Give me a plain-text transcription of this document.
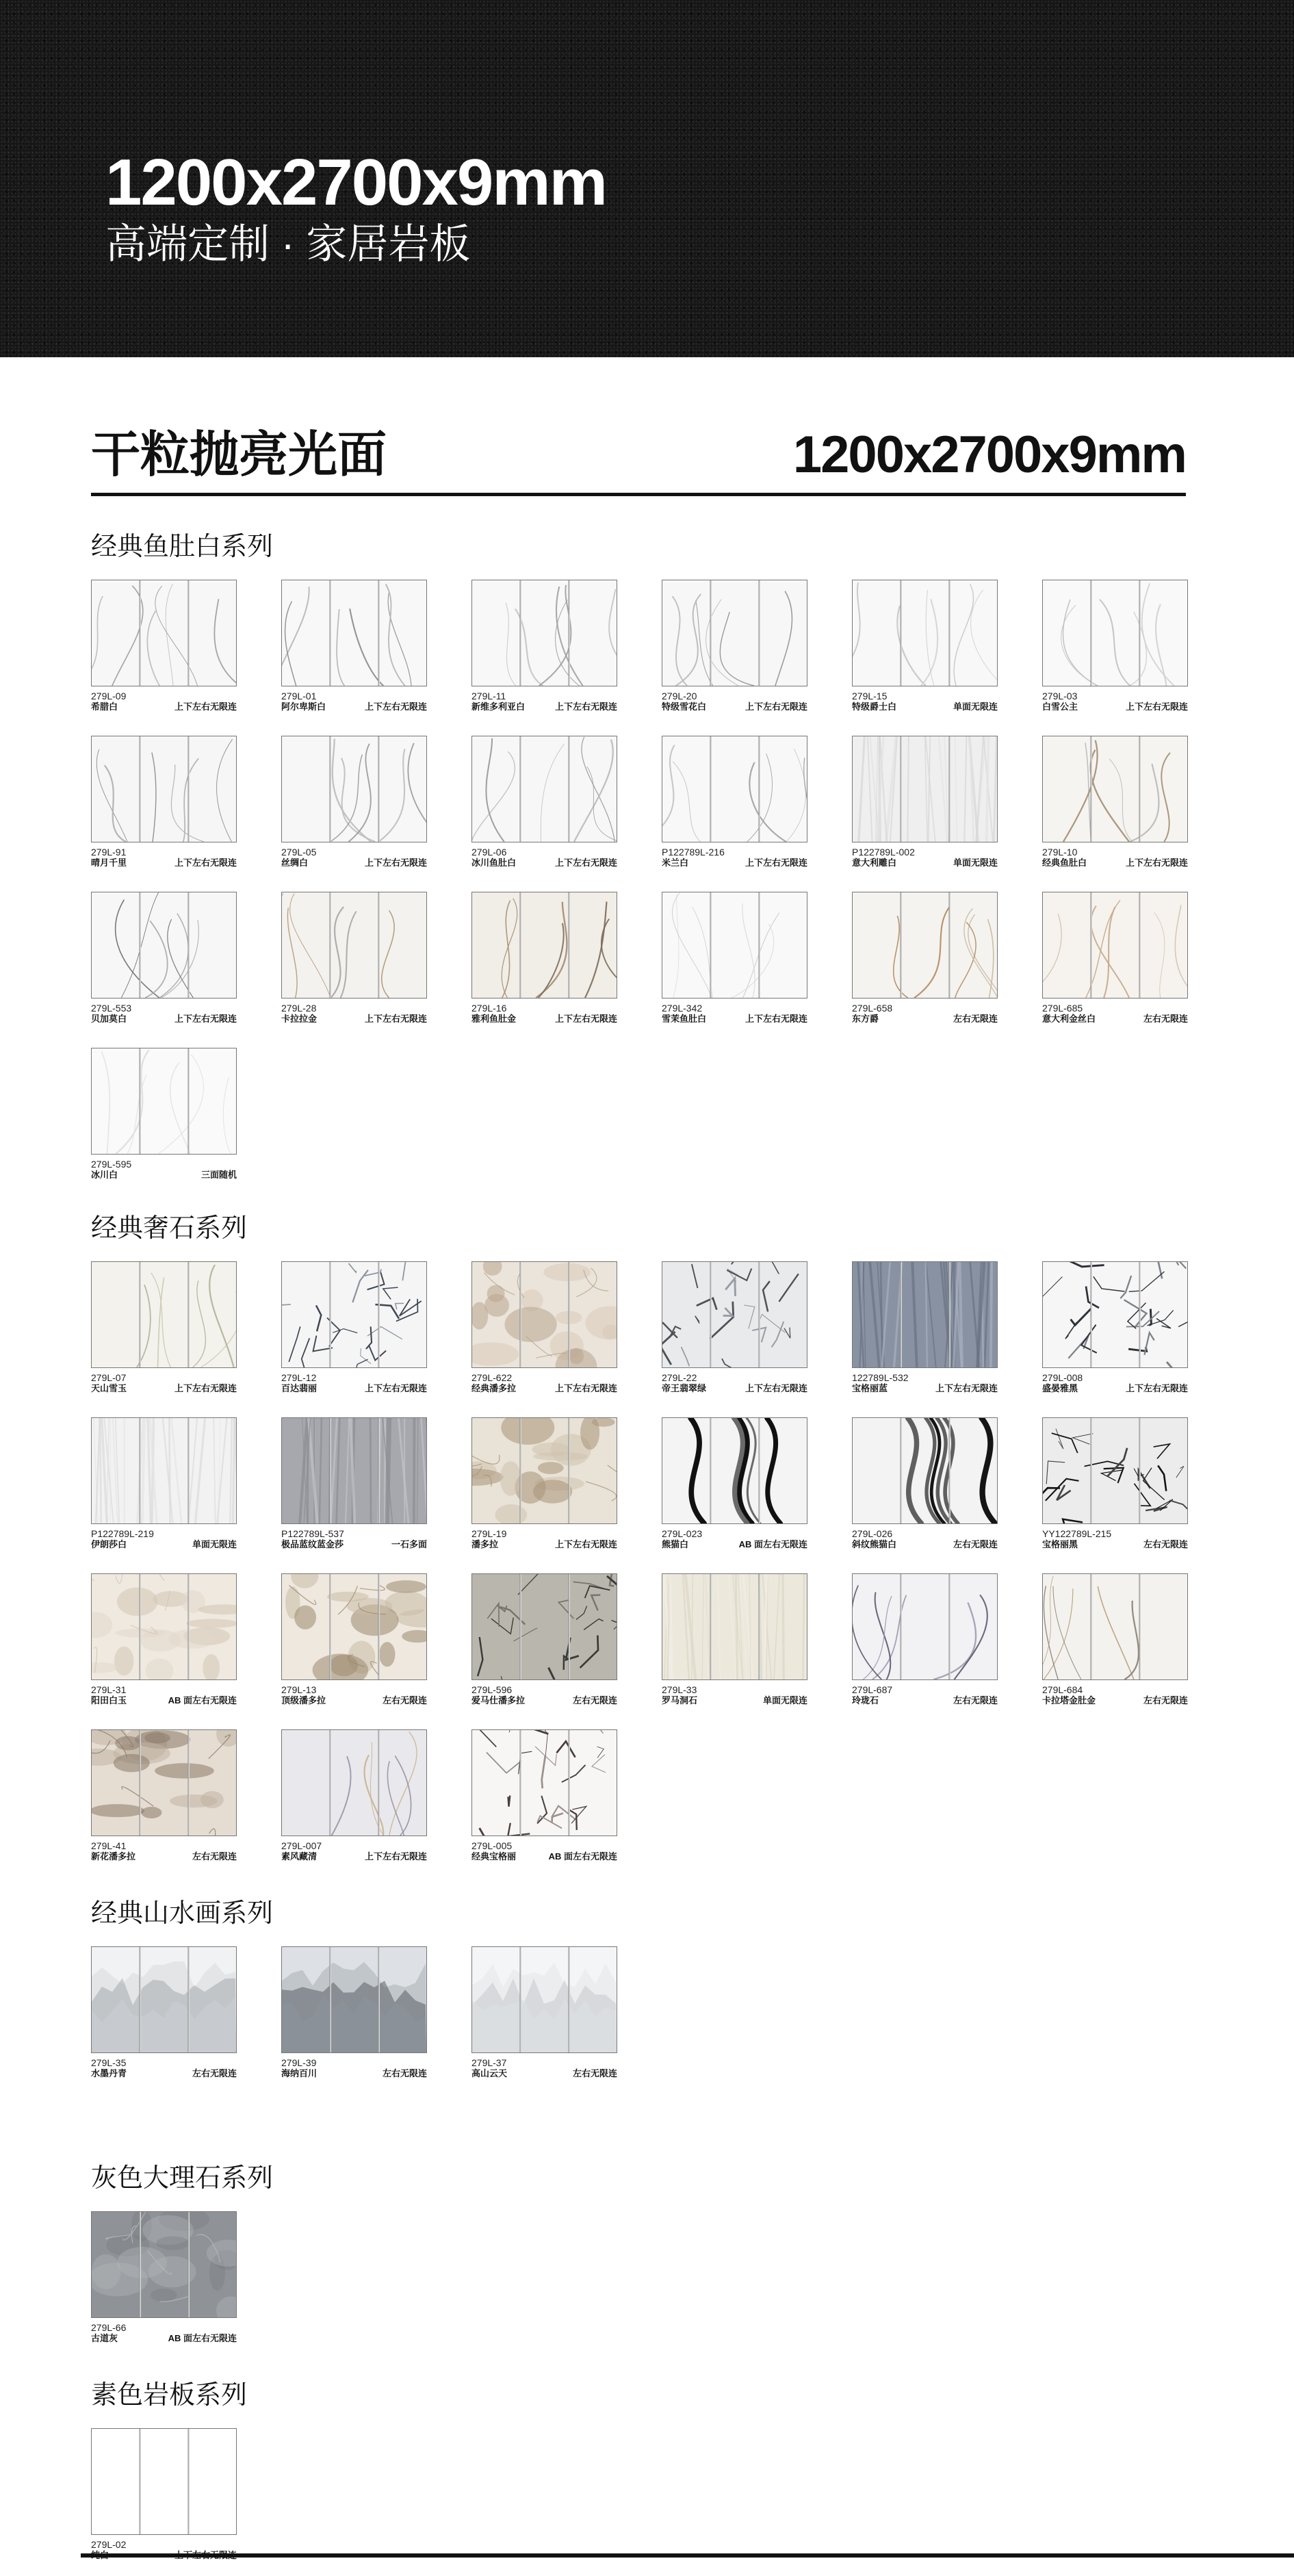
1200x2700x9mm
高端定制 · 家居岩板
干粒抛亮光面	1200x2700x9mm
经典鱼肚白系列
279L-09
希腊白	上下左右无限连
279L-01
阿尔卑斯白	上下左右无限连
279L-11
新维多利亚白	上下左右无限连
279L-20
特级雪花白	上下左右无限连
279L-15
特级爵士白	单面无限连
279L-03
白雪公主	上下左右无限连
279L-91
晴月千里	上下左右无限连
279L-05
丝绸白	上下左右无限连
279L-06
冰川鱼肚白	上下左右无限连
P122789L-216
米兰白	上下左右无限连
P122789L-002
意大利雕白	单面无限连
279L-10
经典鱼肚白	上下左右无限连
279L-553
贝加莫白	上下左右无限连
279L-28
卡拉拉金	上下左右无限连
279L-16
雅利鱼肚金	上下左右无限连
279L-342
雪茉鱼肚白	上下左右无限连
279L-658
东方爵	左右无限连
279L-685
意大利金丝白	左右无限连
279L-595
冰川白	三面随机
经典奢石系列
279L-07
天山雪玉	上下左右无限连
279L-12
百达翡丽	上下左右无限连
279L-622
经典潘多拉	上下左右无限连
279L-22
帝王翡翠绿	上下左右无限连
122789L-532
宝格丽蓝	上下左右无限连
279L-008
盛晏雅黑	上下左右无限连
P122789L-219
伊朗莎白	单面无限连
P122789L-537
极品蓝纹蓝金莎	一石多面
279L-19
潘多拉	上下左右无限连
279L-023
熊猫白	AB 面左右无限连
279L-026
斜纹熊猫白	左右无限连
YY122789L-215
宝格丽黑	左右无限连
279L-31
阳田白玉	AB 面左右无限连
279L-13
顶级潘多拉	左右无限连
279L-596
爱马仕潘多拉	左右无限连
279L-33
罗马洞石	单面无限连
279L-687
玲珑石	左右无限连
279L-684
卡拉塔金肚金	左右无限连
279L-41
新花潘多拉	左右无限连
279L-007
素风藏清	上下左右无限连
279L-005
经典宝格丽	AB 面左右无限连
经典山水画系列
279L-35
水墨丹青	左右无限连
279L-39
海纳百川	左右无限连
279L-37
高山云天	左右无限连
灰色大理石系列
279L-66
古道灰	AB 面左右无限连
素色岩板系列
279L-02
